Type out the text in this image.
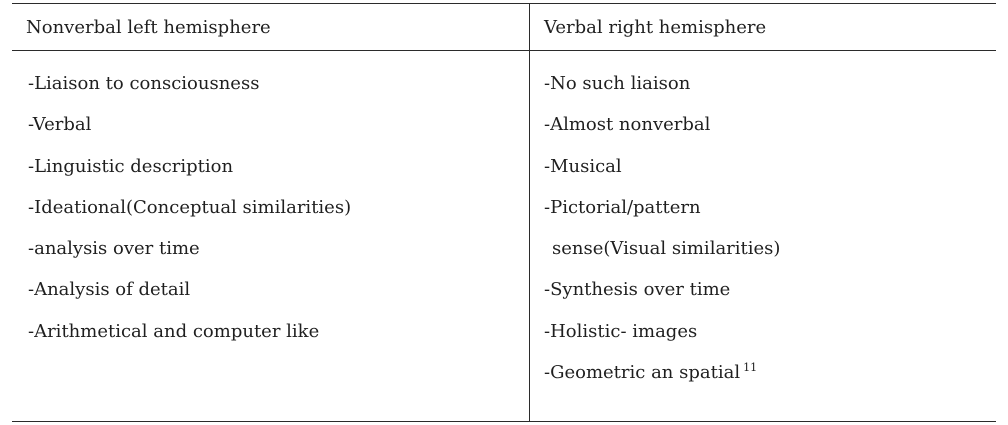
Nonverbal left hemisphere	Verbal right hemisphere
-Liaison to consciousness
-Verbal
-Linguistic description
-Ideational(Conceptual similarities)
-analysis over time
-Analysis of detail
-Arithmetical and computer like
-No such liaison
-Almost nonverbal
-Musical
-Pictorial/pattern
sense(Visual similarities)
-Synthesis over time
-Holistic- images
-Geometric an spatial $^{11}$
